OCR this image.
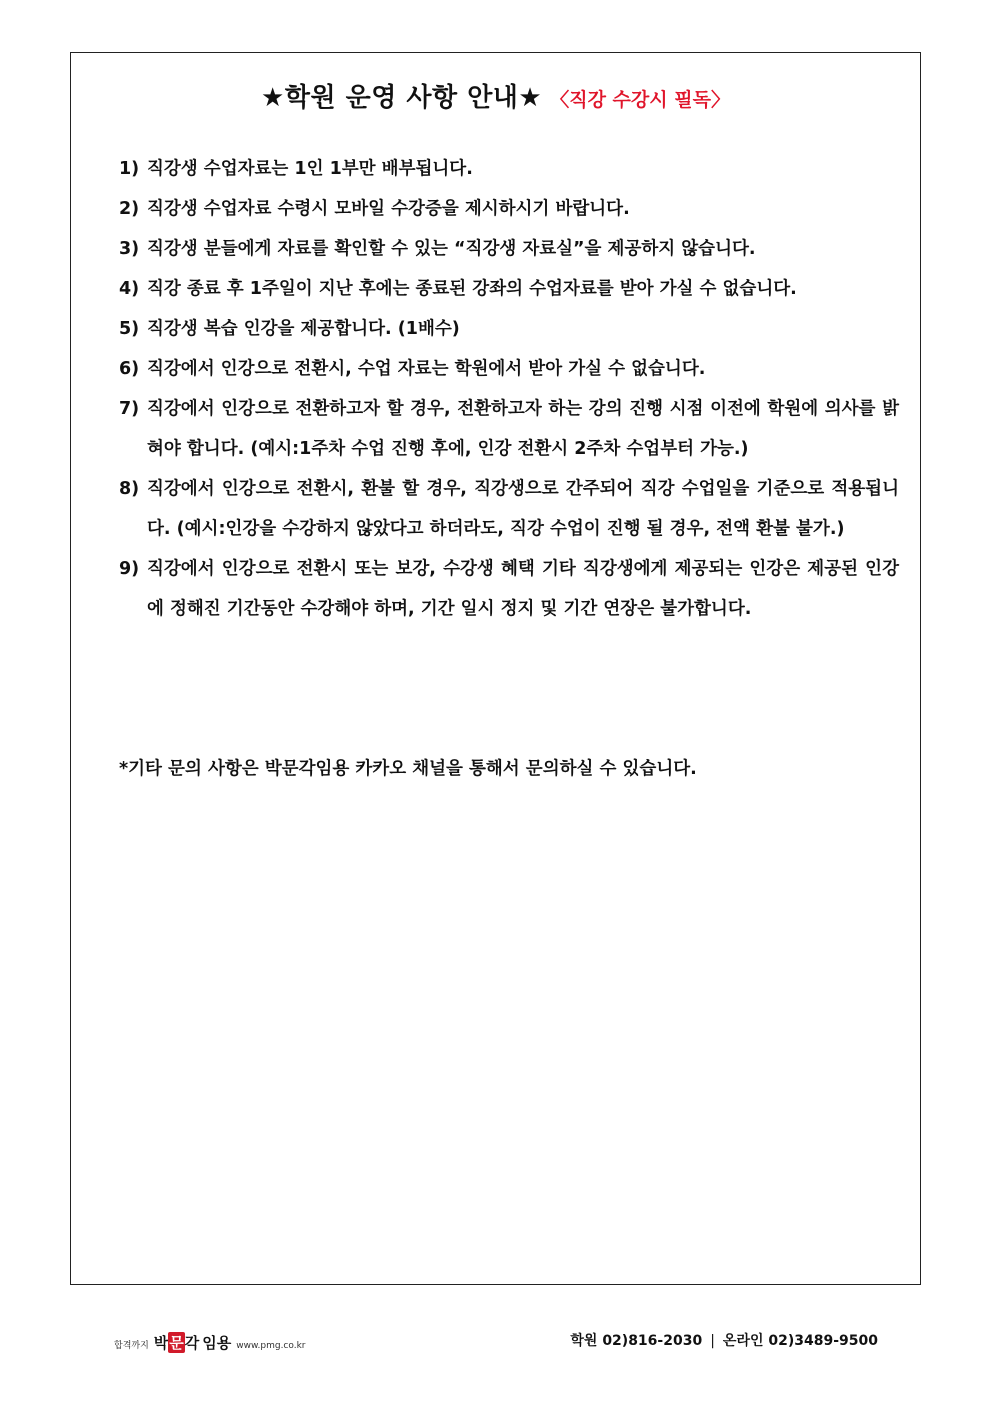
★학원 운영 사항 안내★ 〈직강 수강시 필독〉
1) 직강생 수업자료는 1인 1부만 배부됩니다.
2) 직강생 수업자료 수령시 모바일 수강증을 제시하시기 바랍니다.
3) 직강생 분들에게 자료를 확인할 수 있는 “직강생 자료실”을 제공하지 않습니다.
4) 직강 종료 후 1주일이 지난 후에는 종료된 강좌의 수업자료를 받아 가실 수 없습니다.
5) 직강생 복습 인강을 제공합니다. (1배수)
6) 직강에서 인강으로 전환시, 수업 자료는 학원에서 받아 가실 수 없습니다.
7) 직강에서 인강으로 전환하고자 할 경우, 전환하고자 하는 강의 진행 시점 이전에 학원에 의사를 밝혀야 합니다. (예시:1주차 수업 진행 후에, 인강 전환시 2주차 수업부터 가능.)
8) 직강에서 인강으로 전환시, 환불 할 경우, 직강생으로 간주되어 직강 수업일을 기준으로 적용됩니다. (예시:인강을 수강하지 않았다고 하더라도, 직강 수업이 진행 될 경우, 전액 환불 불가.)
9) 직강에서 인강으로 전환시 또는 보강, 수강생 혜택 기타 직강생에게 제공되는 인강은 제공된 인강에 정해진 기간동안 수강해야 하며, 기간 일시 정지 및 기간 연장은 불가합니다.
*기타 문의 사항은 박문각임용 카카오 채널을 통해서 문의하실 수 있습니다.
합격까지 박 문 각 임용 www.pmg.co.kr	학원 02)816-2030 | 온라인 02)3489-9500
